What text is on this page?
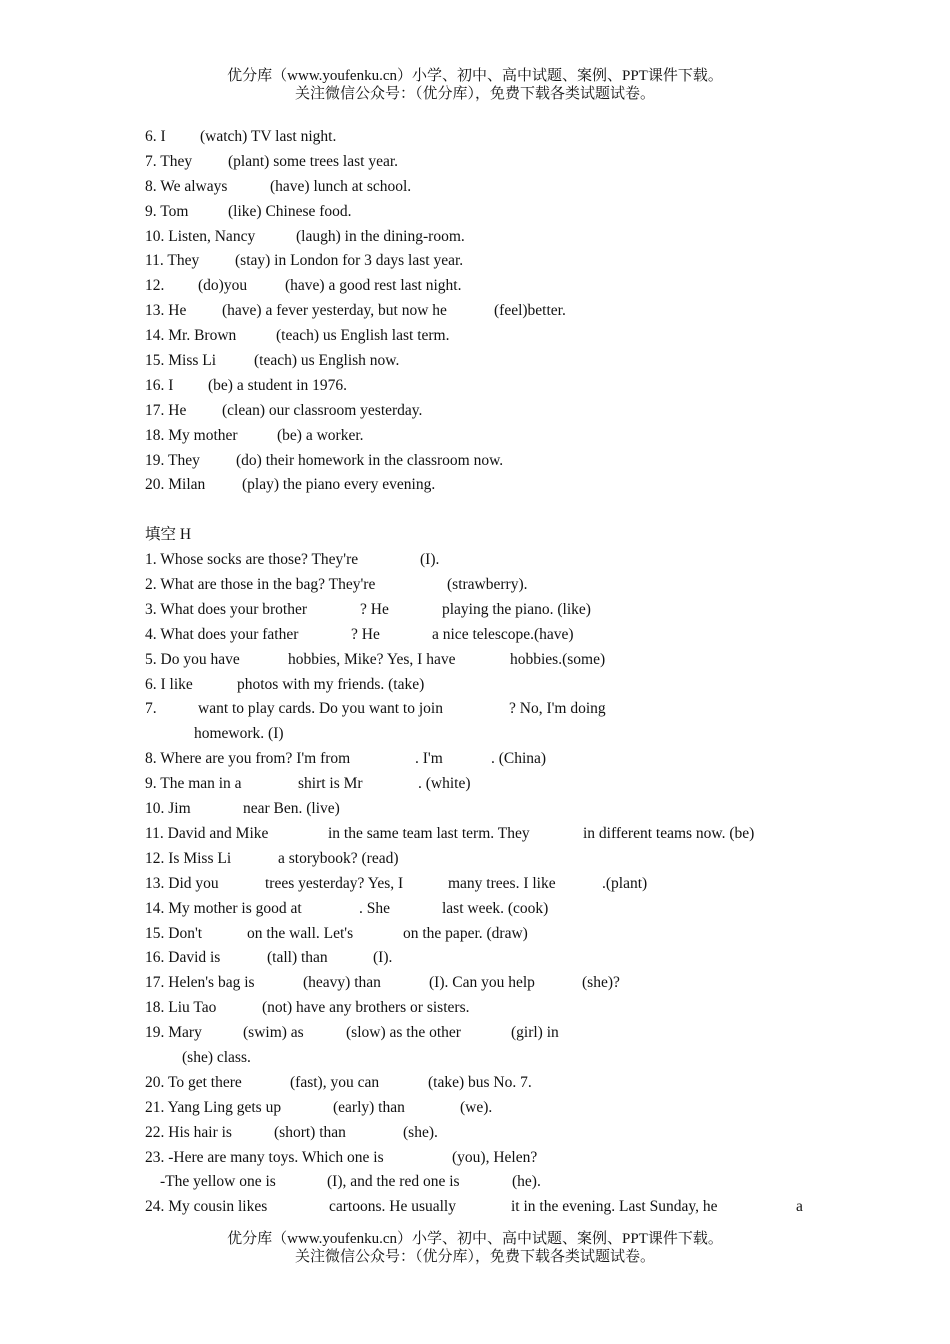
优分库（www.youfenku.cn）小学、初中、高中试题、案例、PPT课件下载。
关注微信公众号：（优分库），免费下载各类试题试卷。
6. I (watch) TV last night.
7. They (plant) some trees last year.
8. We always	(have) lunch at school.
9. Tom	(like) Chinese food.
10. Listen, Nancy	(laugh) in the dining-room.
11. They (stay) in London for 3 days last year.
12. (do)you (have) a good rest last night.
13. He (have) a fever yesterday, but now he	(feel)better.
14. Mr. Brown	(teach) us English last term.
15. Miss Li (teach) us English now.
16. I (be) a student in 1976.
17. He (clean) our classroom yesterday.
18. My mother	(be) a worker.
19. They (do) their homework in the classroom now.
20. Milan (play) the piano every evening.
填空 H
1. Whose socks are those? They're	(I).
2. What are those in the bag? They're	(strawberry).
3. What does your brother	? He	playing the piano. (like)
4. What does your father	? He	a nice telescope.(have)
5. Do you have	hobbies, Mike? Yes, I have	hobbies.(some)
6. I like	photos with my friends. (take)
7.	want to play cards. Do you want to join	? No, I'm doing
homework. (I)
8. Where are you from? I'm from	. I'm	. (China)
9. The man in a	shirt is Mr	. (white)
10. Jim	near Ben. (live)
11. David and Mike	in the same team last term. They	in different teams now. (be)
12. Is Miss Li	a storybook? (read)
13. Did you	trees yesterday? Yes, I	many trees. I like	.(plant)
14. My mother is good at	. She	last week. (cook)
15. Don't	on the wall. Let's	on the paper. (draw)
16. David is	(tall) than	(I).
17. Helen's bag is	(heavy) than	(I). Can you help	(she)?
18. Liu Tao	(not) have any brothers or sisters.
19. Mary	(swim) as	(slow) as the other	(girl) in
(she) class.
20. To get there	(fast), you can	(take) bus No. 7.
21. Yang Ling gets up	(early) than	(we).
22. His hair is	(short) than	(she).
23. -Here are many toys. Which one is	(you), Helen?
-The yellow one is	(I), and the red one is	(he).
24. My cousin likes	cartoons. He usually	it in the evening. Last Sunday, he	a
优分库（www.youfenku.cn）小学、初中、高中试题、案例、PPT课件下载。
关注微信公众号：（优分库），免费下载各类试题试卷。
